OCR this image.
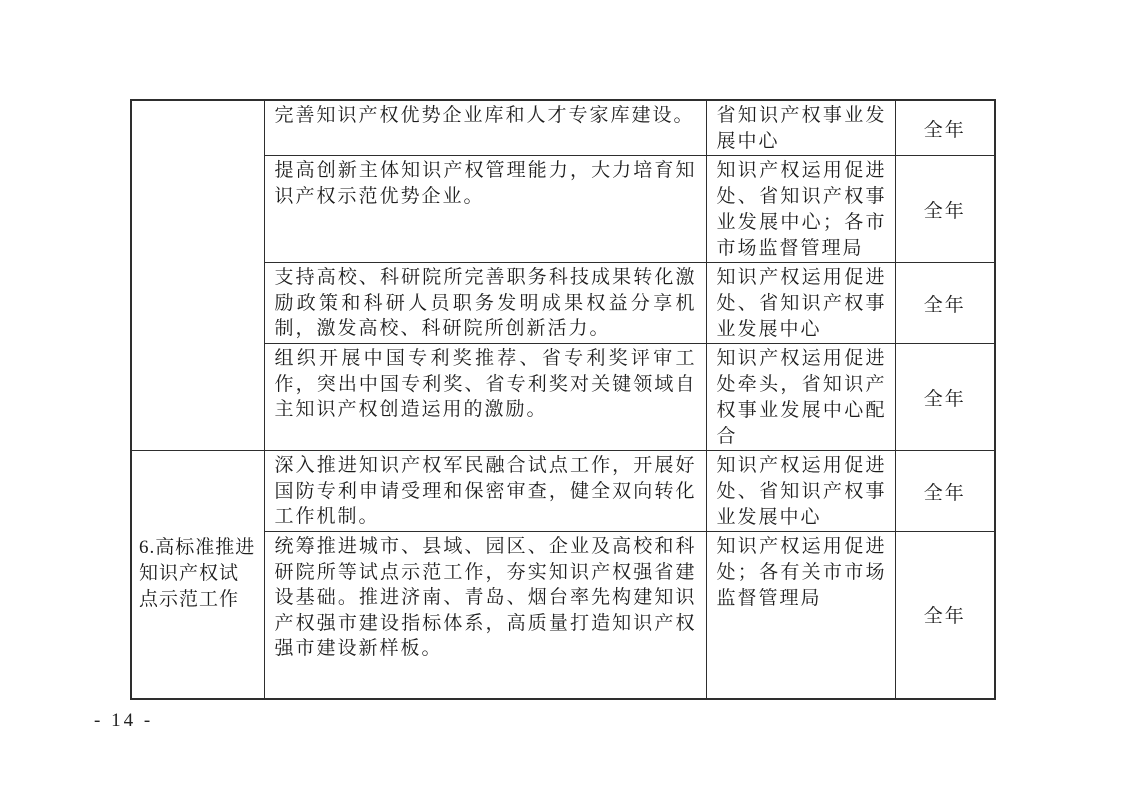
	完善知识产权优势企业库和人才专家库建设。	省知识产权事业发展中心	全年
	提高创新主体知识产权管理能力，大力培育知识产权示范优势企业。	知识产权运用促进处、省知识产权事业发展中心；各市市场监督管理局	全年
	支持高校、科研院所完善职务科技成果转化激励政策和科研人员职务发明成果权益分享机制，激发高校、科研院所创新活力。	知识产权运用促进处、省知识产权事业发展中心	全年
	组织开展中国专利奖推荐、省专利奖评审工作，突出中国专利奖、省专利奖对关键领域自主知识产权创造运用的激励。	知识产权运用促进处牵头，省知识产权事业发展中心配合	全年
6.高标准推进知识产权试点示范工作	深入推进知识产权军民融合试点工作，开展好国防专利申请受理和保密审查，健全双向转化工作机制。	知识产权运用促进处、省知识产权事业发展中心	全年
	统筹推进城市、县域、园区、企业及高校和科研院所等试点示范工作，夯实知识产权强省建设基础。推进济南、青岛、烟台率先构建知识产权强市建设指标体系，高质量打造知识产权强市建设新样板。	知识产权运用促进处；各有关市市场监督管理局	全年
- 14 -
